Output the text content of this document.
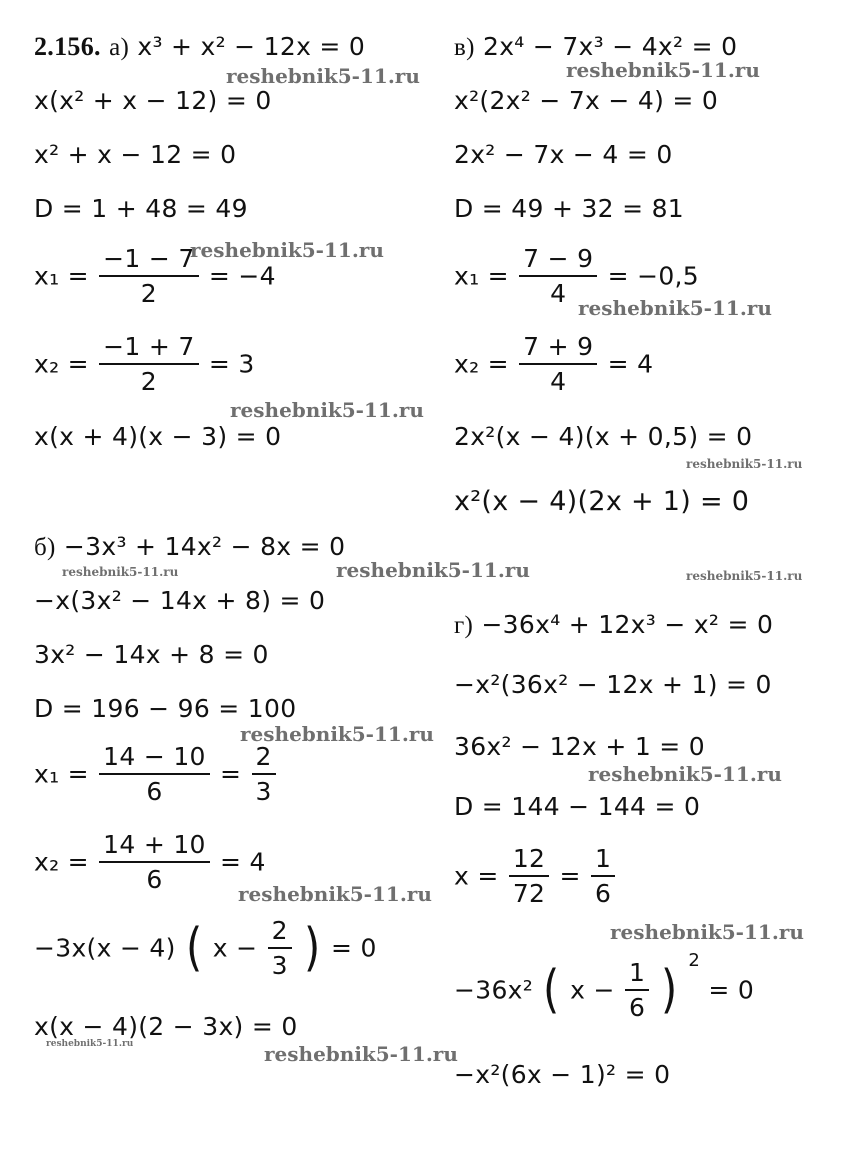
2.156. а) x³ + x² − 12x = 0
x(x² + x − 12) = 0
x² + x − 12 = 0
D = 1 + 48 = 49
$x_1 = \frac{-1 - 7}{2} = -4$
$x_2 = \frac{-1 + 7}{2} = 3$
x(x + 4)(x − 3) = 0
б) −3x³ + 14x² − 8x = 0
−x(3x² − 14x + 8) = 0
3x² − 14x + 8 = 0
D = 196 − 96 = 100
$x_1 = \frac{14 - 10}{6} = \frac{2}{3}$
$x_2 = \frac{14 + 10}{6} = 4$
−3x(x − 4) ( $x - \frac{2}{3}$ ) = 0
x(x − 4)(2 − 3x) = 0
в) 2x⁴ − 7x³ − 4x² = 0
x²(2x² − 7x − 4) = 0
2x² − 7x − 4 = 0
D = 49 + 32 = 81
$x_1 = \frac{7 - 9}{4} = -0,5$
$x_2 = \frac{7 + 9}{4} = 4$
2x²(x − 4)(x + 0,5) = 0
x²(x − 4)(2x + 1) = 0
г) −36x⁴ + 12x³ − x² = 0
−x²(36x² − 12x + 1) = 0
36x² − 12x + 1 = 0
D = 144 − 144 = 0
$x = \frac{12}{72} = \frac{1}{6}$
−36x² ( $x - \frac{1}{6}$ ) $^2$ = 0
−x²(6x − 1)² = 0
reshebnik5-11.ru	reshebnik5-11.ru
reshebnik5-11.ru
reshebnik5-11.ru
reshebnik5-11.ru
reshebnik5-11.ru
reshebnik5-11.ru	reshebnik5-11.ru	reshebnik5-11.ru
reshebnik5-11.ru
reshebnik5-11.ru
reshebnik5-11.ru
reshebnik5-11.ru
reshebnik5-11.ru	reshebnik5-11.ru
